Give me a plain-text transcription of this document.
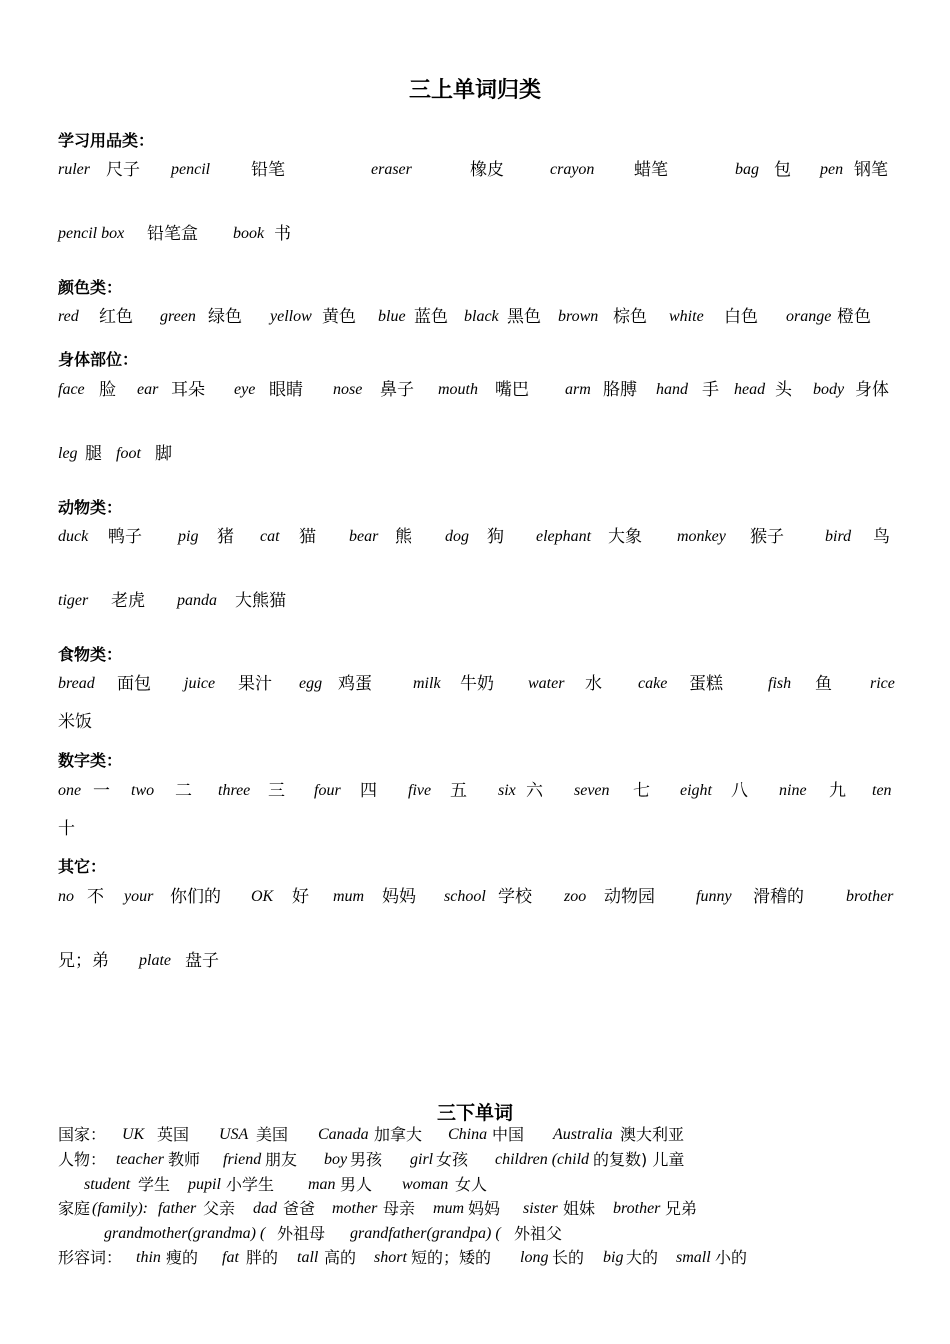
三上单词归类
学习用品类：
ruler 尺子 pencil 铅笔	eraser	橡皮	crayon 蜡笔	bag 包 pen 钢笔
pencil box 铅笔盒 book 书
颜色类：
red 红色 green 绿色 yellow 黄色 blue 蓝色 black 黑色 brown 棕色 white 白色 orange 橙色
身体部位：
face 脸 ear 耳朵 eye 眼睛 nose 鼻子 mouth 嘴巴 arm 胳膊 hand 手 head 头 body 身体
leg 腿 foot 脚
动物类：
duck 鸭子 pig 猪 cat 猫 bear 熊 dog 狗 elephant 大象 monkey 猴子	bird 鸟
tiger 老虎 panda 大熊猫
食物类：
bread 面包 juice 果汁 egg 鸡蛋	milk 牛奶 water 水 cake 蛋糕	fish 鱼 rice
米饭
数字类：
one 一 two 二 three 三 four 四 five 五 six 六 seven 七 eight 八 nine 九 ten
十
其它：
no 不 your 你们的 OK 好 mum 妈妈 school 学校 zoo 动物园	funny 滑稽的	brother
兄；弟 plate 盘子
三下单词
国家： UK 英国 USA 美国 Canada 加拿大 China 中国 Australia 澳大利亚
人物： teacher 教师 friend 朋友 boy 男孩 girl 女孩 children (child 的复数) 儿童
student 学生 pupil 小学生 man 男人 woman 女人
家庭 (family): father 父亲 dad 爸爸 mother 母亲 mum 妈妈 sister 姐妹 brother 兄弟
grandmother(grandma) ( 外祖母 grandfather(grandpa) ( 外祖父
形容词： thin 瘦的 fat 胖的 tall 高的 short 短的；矮的 long 长的 big 大的 small 小的
